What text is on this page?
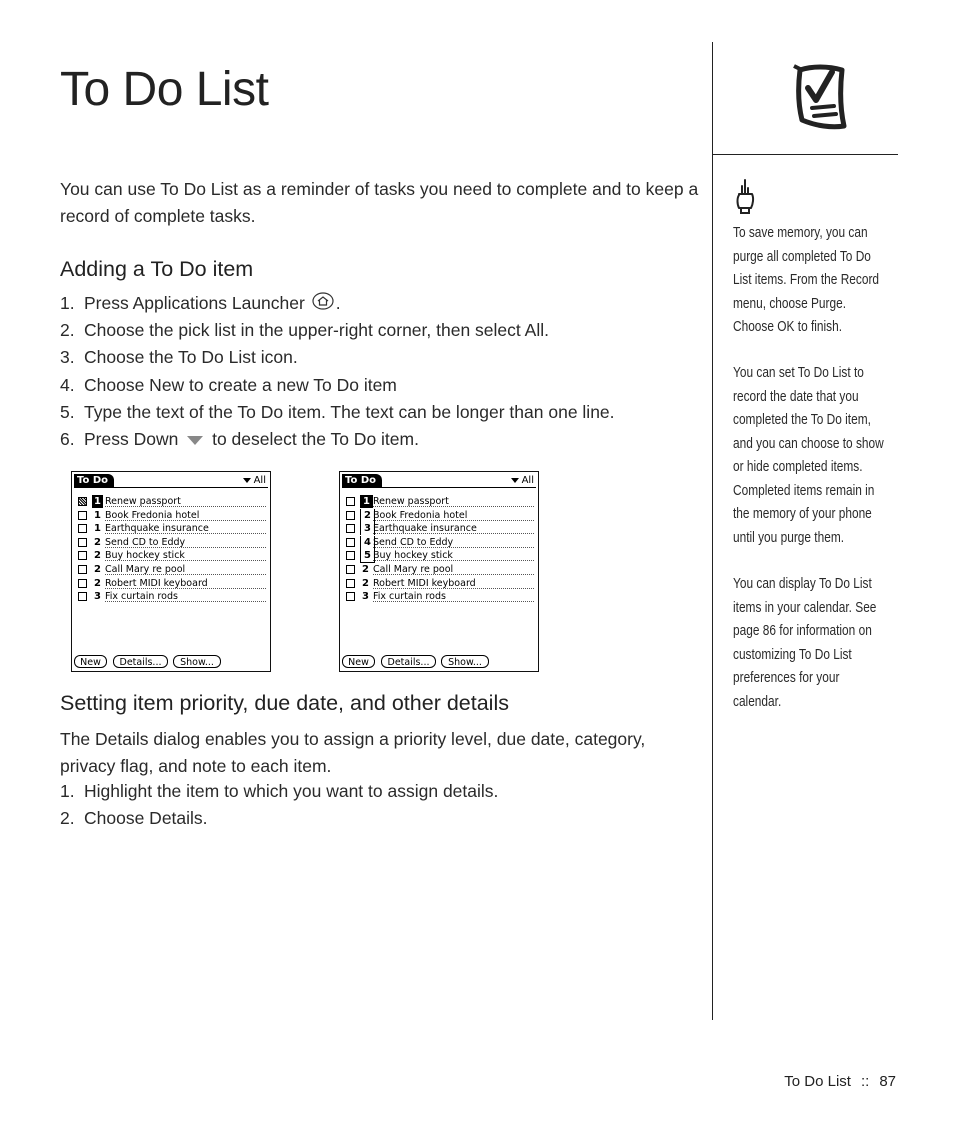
To Do List

You can use To Do List as a reminder of tasks you need to complete and to keep a record of complete tasks.

Adding a To Do item
1. Press Applications Launcher .
2. Choose the pick list in the upper-right corner, then select All.
3. Choose the To Do List icon.
4. Choose New to create a new To Do item
5. Type the text of the To Do item. The text can be longer than one line.
6. Press Down to deselect the To Do item.
To Do	All
1 Renew passport
1 Book Fredonia hotel
1 Earthquake insurance
2 Send CD to Eddy
2 Buy hockey stick
2 Call Mary re pool
2 Robert MIDI keyboard
3 Fix curtain rods
New	Details...	Show...
To Do	All
1 Renew passport
2 Book Fredonia hotel
3 Earthquake insurance
4 Send CD to Eddy
5 Buy hockey stick
2 Call Mary re pool
2 Robert MIDI keyboard
3 Fix curtain rods
New	Details...	Show...
Setting item priority, due date, and other details

The Details dialog enables you to assign a priority level, due date, category, privacy flag, and note to each item.

1. Highlight the item to which you want to assign details.
2. Choose Details.
To save memory, you can
purge all completed To Do
List items. From the Record
menu, choose Purge.
Choose OK to finish.
You can set To Do List to
record the date that you
completed the To Do item,
and you can choose to show
or hide completed items.
Completed items remain in
the memory of your phone
until you purge them.
You can display To Do List
items in your calendar. See
page 86 for information on
customizing To Do List
preferences for your
calendar.
To Do List :: 87
